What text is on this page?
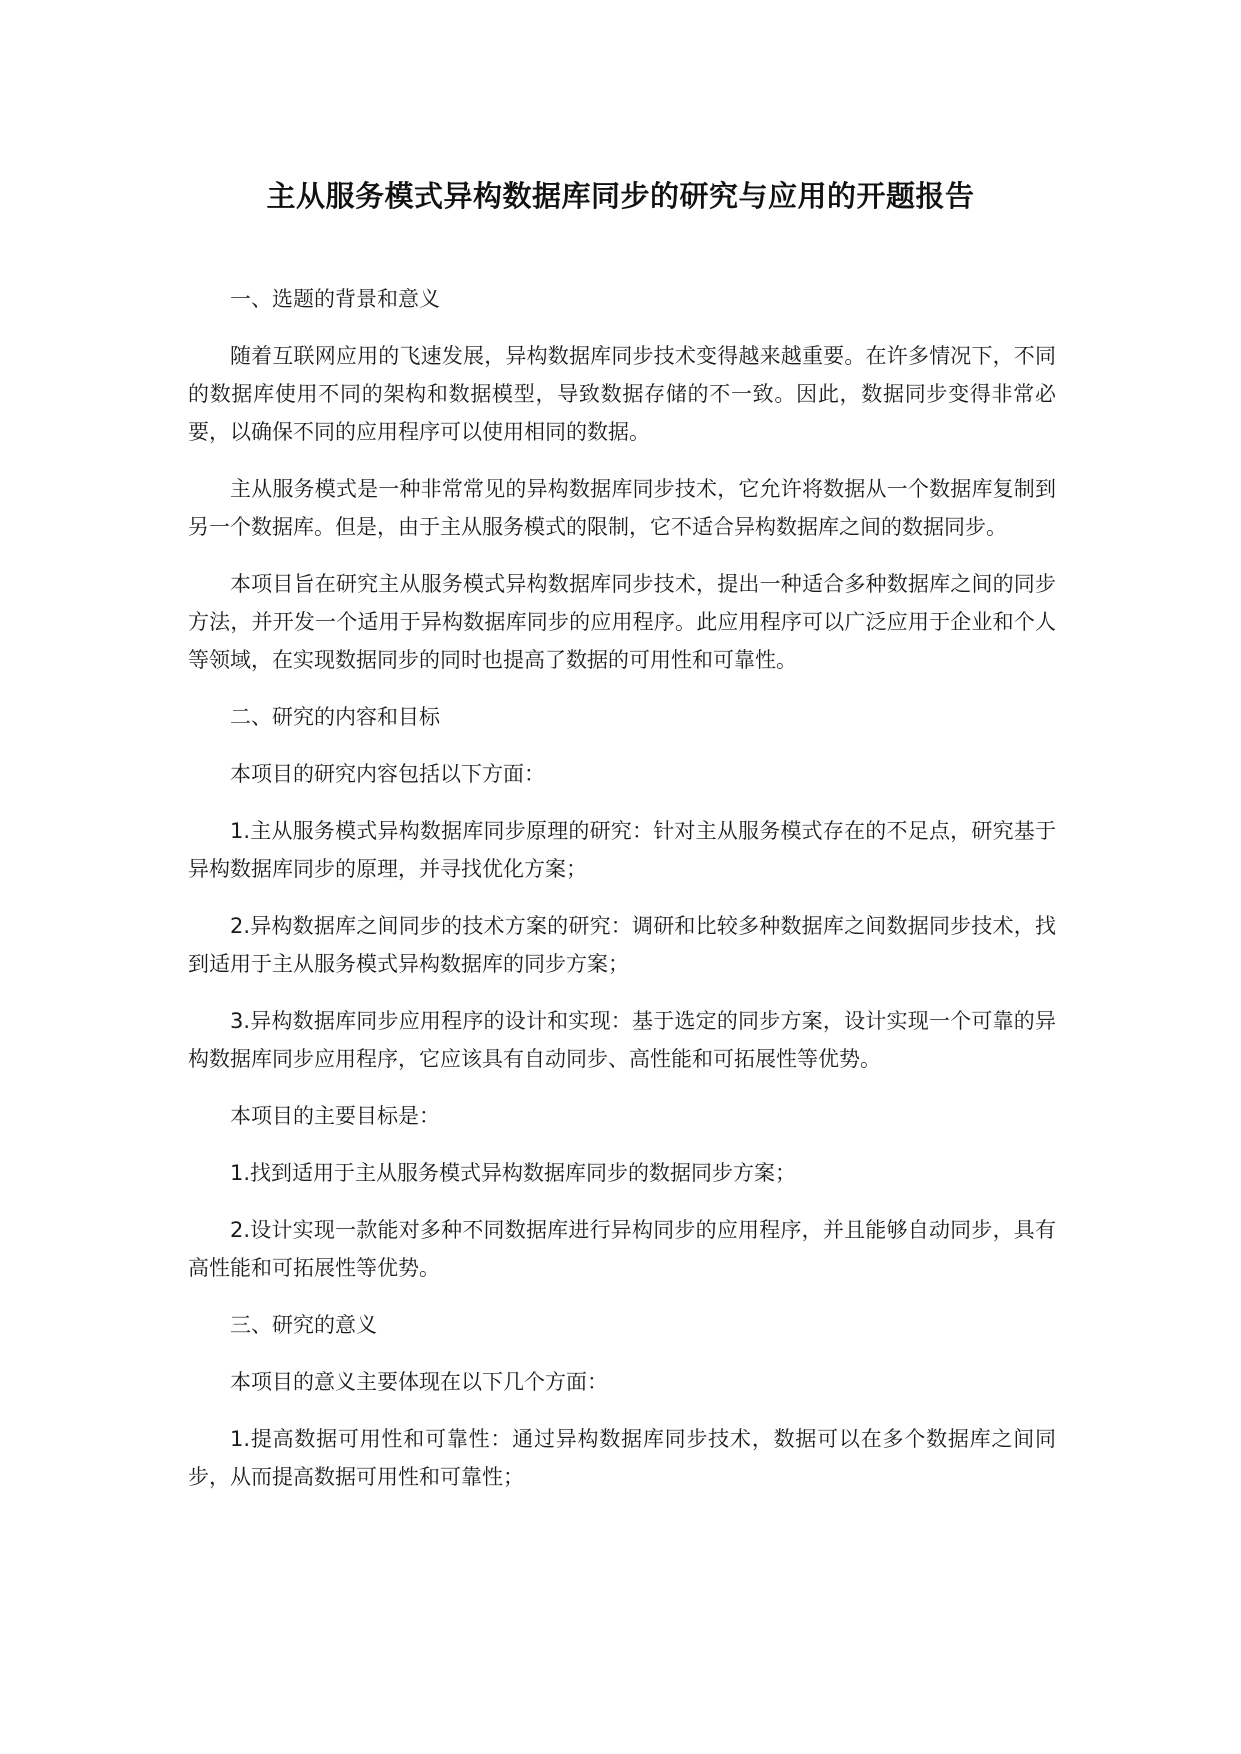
主从服务模式异构数据库同步的研究与应用的开题报告

一、选题的背景和意义

随着互联网应用的飞速发展，异构数据库同步技术变得越来越重要。在许多情况下，不同的数据库使用不同的架构和数据模型，导致数据存储的不一致。因此，数据同步变得非常必要，以确保不同的应用程序可以使用相同的数据。

主从服务模式是一种非常常见的异构数据库同步技术，它允许将数据从一个数据库复制到另一个数据库。但是，由于主从服务模式的限制，它不适合异构数据库之间的数据同步。

本项目旨在研究主从服务模式异构数据库同步技术，提出一种适合多种数据库之间的同步方法，并开发一个适用于异构数据库同步的应用程序。此应用程序可以广泛应用于企业和个人等领域，在实现数据同步的同时也提高了数据的可用性和可靠性。

二、研究的内容和目标

本项目的研究内容包括以下方面：

1.主从服务模式异构数据库同步原理的研究：针对主从服务模式存在的不足点，研究基于异构数据库同步的原理，并寻找优化方案；

2.异构数据库之间同步的技术方案的研究：调研和比较多种数据库之间数据同步技术，找到适用于主从服务模式异构数据库的同步方案；

3.异构数据库同步应用程序的设计和实现：基于选定的同步方案，设计实现一个可靠的异构数据库同步应用程序，它应该具有自动同步、高性能和可拓展性等优势。

本项目的主要目标是：

1.找到适用于主从服务模式异构数据库同步的数据同步方案；

2.设计实现一款能对多种不同数据库进行异构同步的应用程序，并且能够自动同步，具有高性能和可拓展性等优势。

三、研究的意义

本项目的意义主要体现在以下几个方面：

1.提高数据可用性和可靠性：通过异构数据库同步技术，数据可以在多个数据库之间同步，从而提高数据可用性和可靠性；
